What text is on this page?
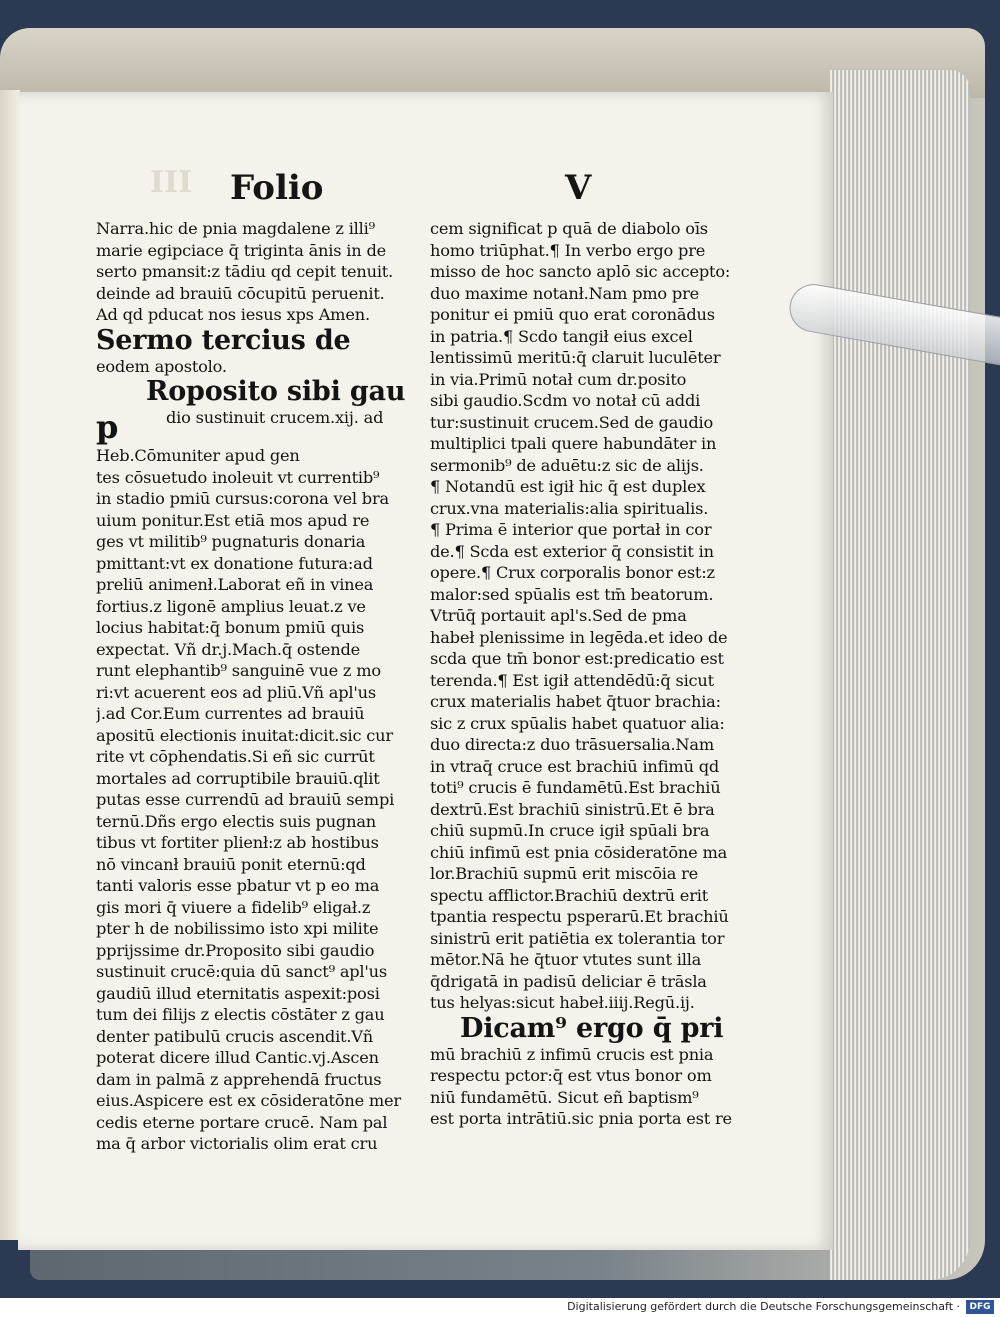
III Folio	V
Narra.hic de pnia magdalene z illi⁹
marie egipciace q̄ triginta ānis in de
serto pmansit:z tādiu qd cepit tenuit.
deinde ad brauiū cōcupitū peruenit.
Ad qd pducat nos iesus xps Amen.
Sermo tercius de
eodem apostolo.
Roposito sibi gau
p	dio sustinuit crucem.xij. ad
Heb.Cōmuniter apud gen
tes cōsuetudo inoleuit vt currentib⁹
in stadio pmiū cursus:corona vel bra
uium ponitur.Est etiā mos apud re
ges vt militib⁹ pugnaturis donaria
pmittant:vt ex donatione futura:ad
preliū animenł.Laborat eñ in vinea
fortius.z ligonē amplius leuat.z ve
locius habitat:q̄ bonum pmiū quis
expectat. Vñ dr.j.Mach.q̄ ostende
runt elephantib⁹ sanguinē vue z mo
ri:vt acuerent eos ad pliū.Vñ apl'us
j.ad Cor.Eum currentes ad brauiū
apositū electionis inuitat:dicit.sic cur
rite vt cōphendatis.Si eñ sic currūt
mortales ad corruptibile brauiū.qlit
putas esse currendū ad brauiū sempi
ternū.Dñs ergo electis suis pugnan
tibus vt fortiter plienł:z ab hostibus
nō vincanł brauiū ponit eternū:qd
tanti valoris esse pbatur vt p eo ma
gis mori q̄ viuere a fidelib⁹ eligał.z
pter h de nobilissimo isto xpi milite
pprijssime dr.Proposito sibi gaudio
sustinuit crucē:quia dū sanct⁹ apl'us
gaudiū illud eternitatis aspexit:posi
tum dei filijs z electis cōstāter z gau
denter patibulū crucis ascendit.Vñ
poterat dicere illud Cantic.vj.Ascen
dam in palmā z apprehendā fructus
eius.Aspicere est ex cōsideratōne mer
cedis eterne portare crucē. Nam pal
ma q̄ arbor victorialis olim erat cru
cem significat p quā de diabolo oīs
homo triūphat.¶ In verbo ergo pre
misso de hoc sancto aplō sic accepto:
duo maxime notanł.Nam pmo pre
ponitur ei pmiū quo erat coronādus
in patria.¶ Scdo tangił eius excel
lentissimū meritū:q̄ claruit luculēter
in via.Primū notał cum dr.posito
sibi gaudio.Scdm vo notał cū addi
tur:sustinuit crucem.Sed de gaudio
multiplici tpali quere habundāter in
sermonib⁹ de aduētu:z sic de alijs.
¶ Notandū est igił hic q̄ est duplex
crux.vna materialis:alia spiritualis.
¶ Prima ē interior que portał in cor
de.¶ Scda est exterior q̄ consistit in
opere.¶ Crux corporalis bonor est:z
malor:sed spūalis est tm̄ beatorum.
Vtrūq̄ portauit apl's.Sed de pma
habeł plenissime in legēda.et ideo de
scda que tm̄ bonor est:predicatio est
terenda.¶ Est igił attendēdū:q̄ sicut
crux materialis habet q̄tuor brachia:
sic z crux spūalis habet quatuor alia:
duo directa:z duo trāsuersalia.Nam
in vtraq̄ cruce est brachiū infimū qd
toti⁹ crucis ē fundamētū.Est brachiū
dextrū.Est brachiū sinistrū.Et ē bra
chiū supmū.In cruce igił spūali bra
chiū infimū est pnia cōsideratōne ma
lor.Brachiū supmū erit miscōia re
spectu afflictor.Brachiū dextrū erit
tpantia respectu psperarū.Et brachiū
sinistrū erit patiētia ex tolerantia tor
mētor.Nā he q̄tuor vtutes sunt illa
q̄drigatā in padisū deliciar ē trāsla
tus helyas:sicut habeł.iiij.Regū.ij.
Dicam⁹ ergo q̄ pri
mū brachiū z infimū crucis est pnia
respectu pctor:q̄ est vtus bonor om
niū fundamētū. Sicut eñ baptism⁹
est porta intrātiū.sic pnia porta est re
Digitalisierung gefördert durch die Deutsche Forschungsgemeinschaft · DFG
